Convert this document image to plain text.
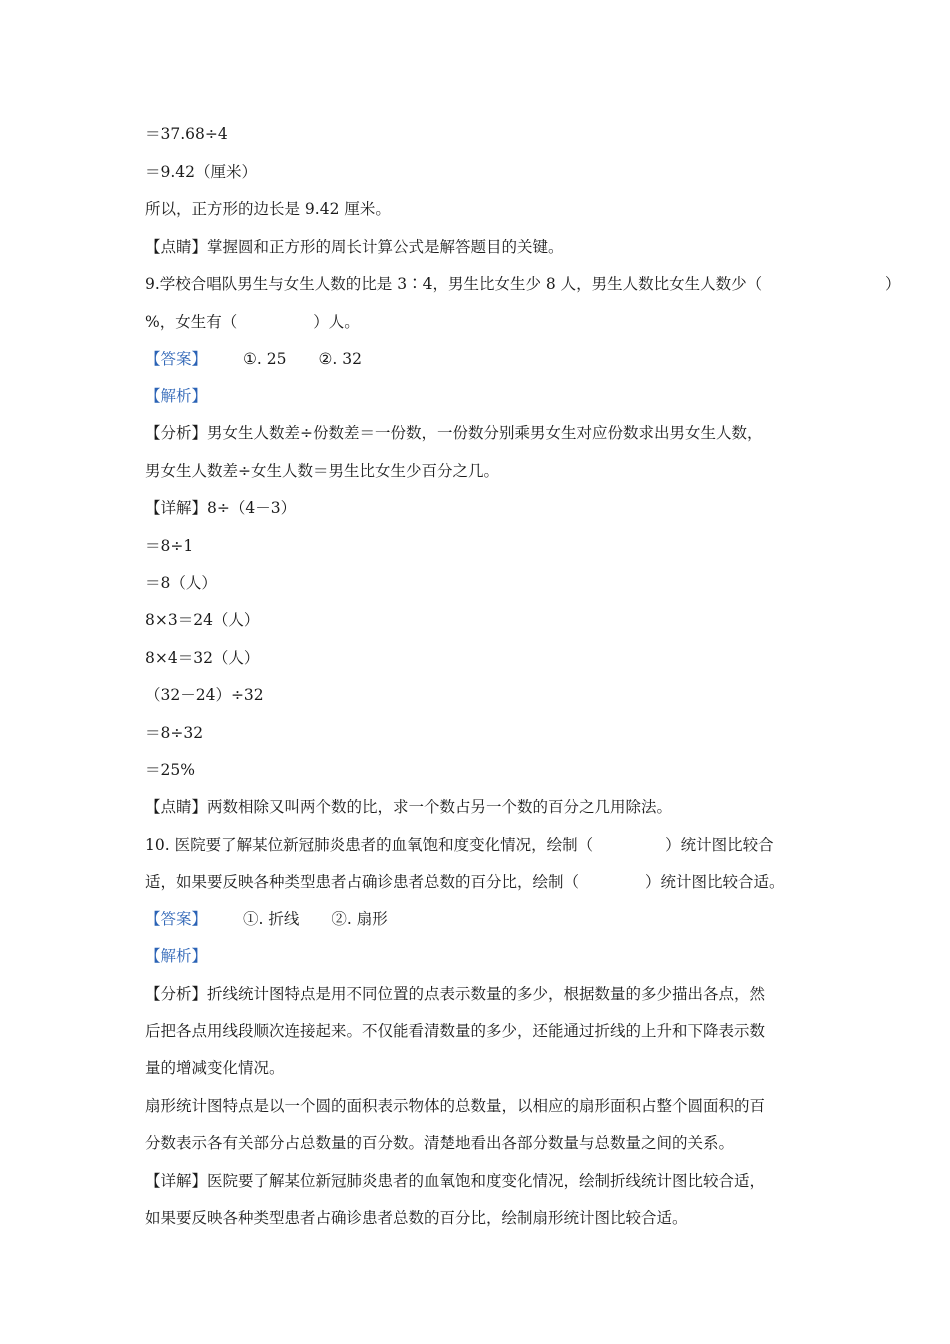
＝37.68÷4
＝9.42（厘米）
所以，正方形的边长是 9.42 厘米。
【点睛】掌握圆和正方形的周长计算公式是解答题目的关键。
9.学校合唱队男生与女生人数的比是 3∶4，男生比女生少 8 人，男生人数比女生人数少（	）
%，女生有（	）人。
【答案】 ①. 25 ②. 32
【解析】
【分析】男女生人数差÷份数差＝一份数，一份数分别乘男女生对应份数求出男女生人数，
男女生人数差÷女生人数＝男生比女生少百分之几。
【详解】8÷（4－3）
＝8÷1
＝8（人）
8×3＝24（人）
8×4＝32（人）
（32－24）÷32
＝8÷32
＝25%
【点睛】两数相除又叫两个数的比，求一个数占另一个数的百分之几用除法。
10. 医院要了解某位新冠肺炎患者的血氧饱和度变化情况，绘制（	）统计图比较合
适，如果要反映各种类型患者占确诊患者总数的百分比，绘制（	）统计图比较合适。
【答案】 ①. 折线 ②. 扇形
【解析】
【分析】折线统计图特点是用不同位置的点表示数量的多少，根据数量的多少描出各点，然
后把各点用线段顺次连接起来。不仅能看清数量的多少，还能通过折线的上升和下降表示数
量的增减变化情况。
扇形统计图特点是以一个圆的面积表示物体的总数量，以相应的扇形面积占整个圆面积的百
分数表示各有关部分占总数量的百分数。清楚地看出各部分数量与总数量之间的关系。
【详解】医院要了解某位新冠肺炎患者的血氧饱和度变化情况，绘制折线统计图比较合适，
如果要反映各种类型患者占确诊患者总数的百分比，绘制扇形统计图比较合适。
